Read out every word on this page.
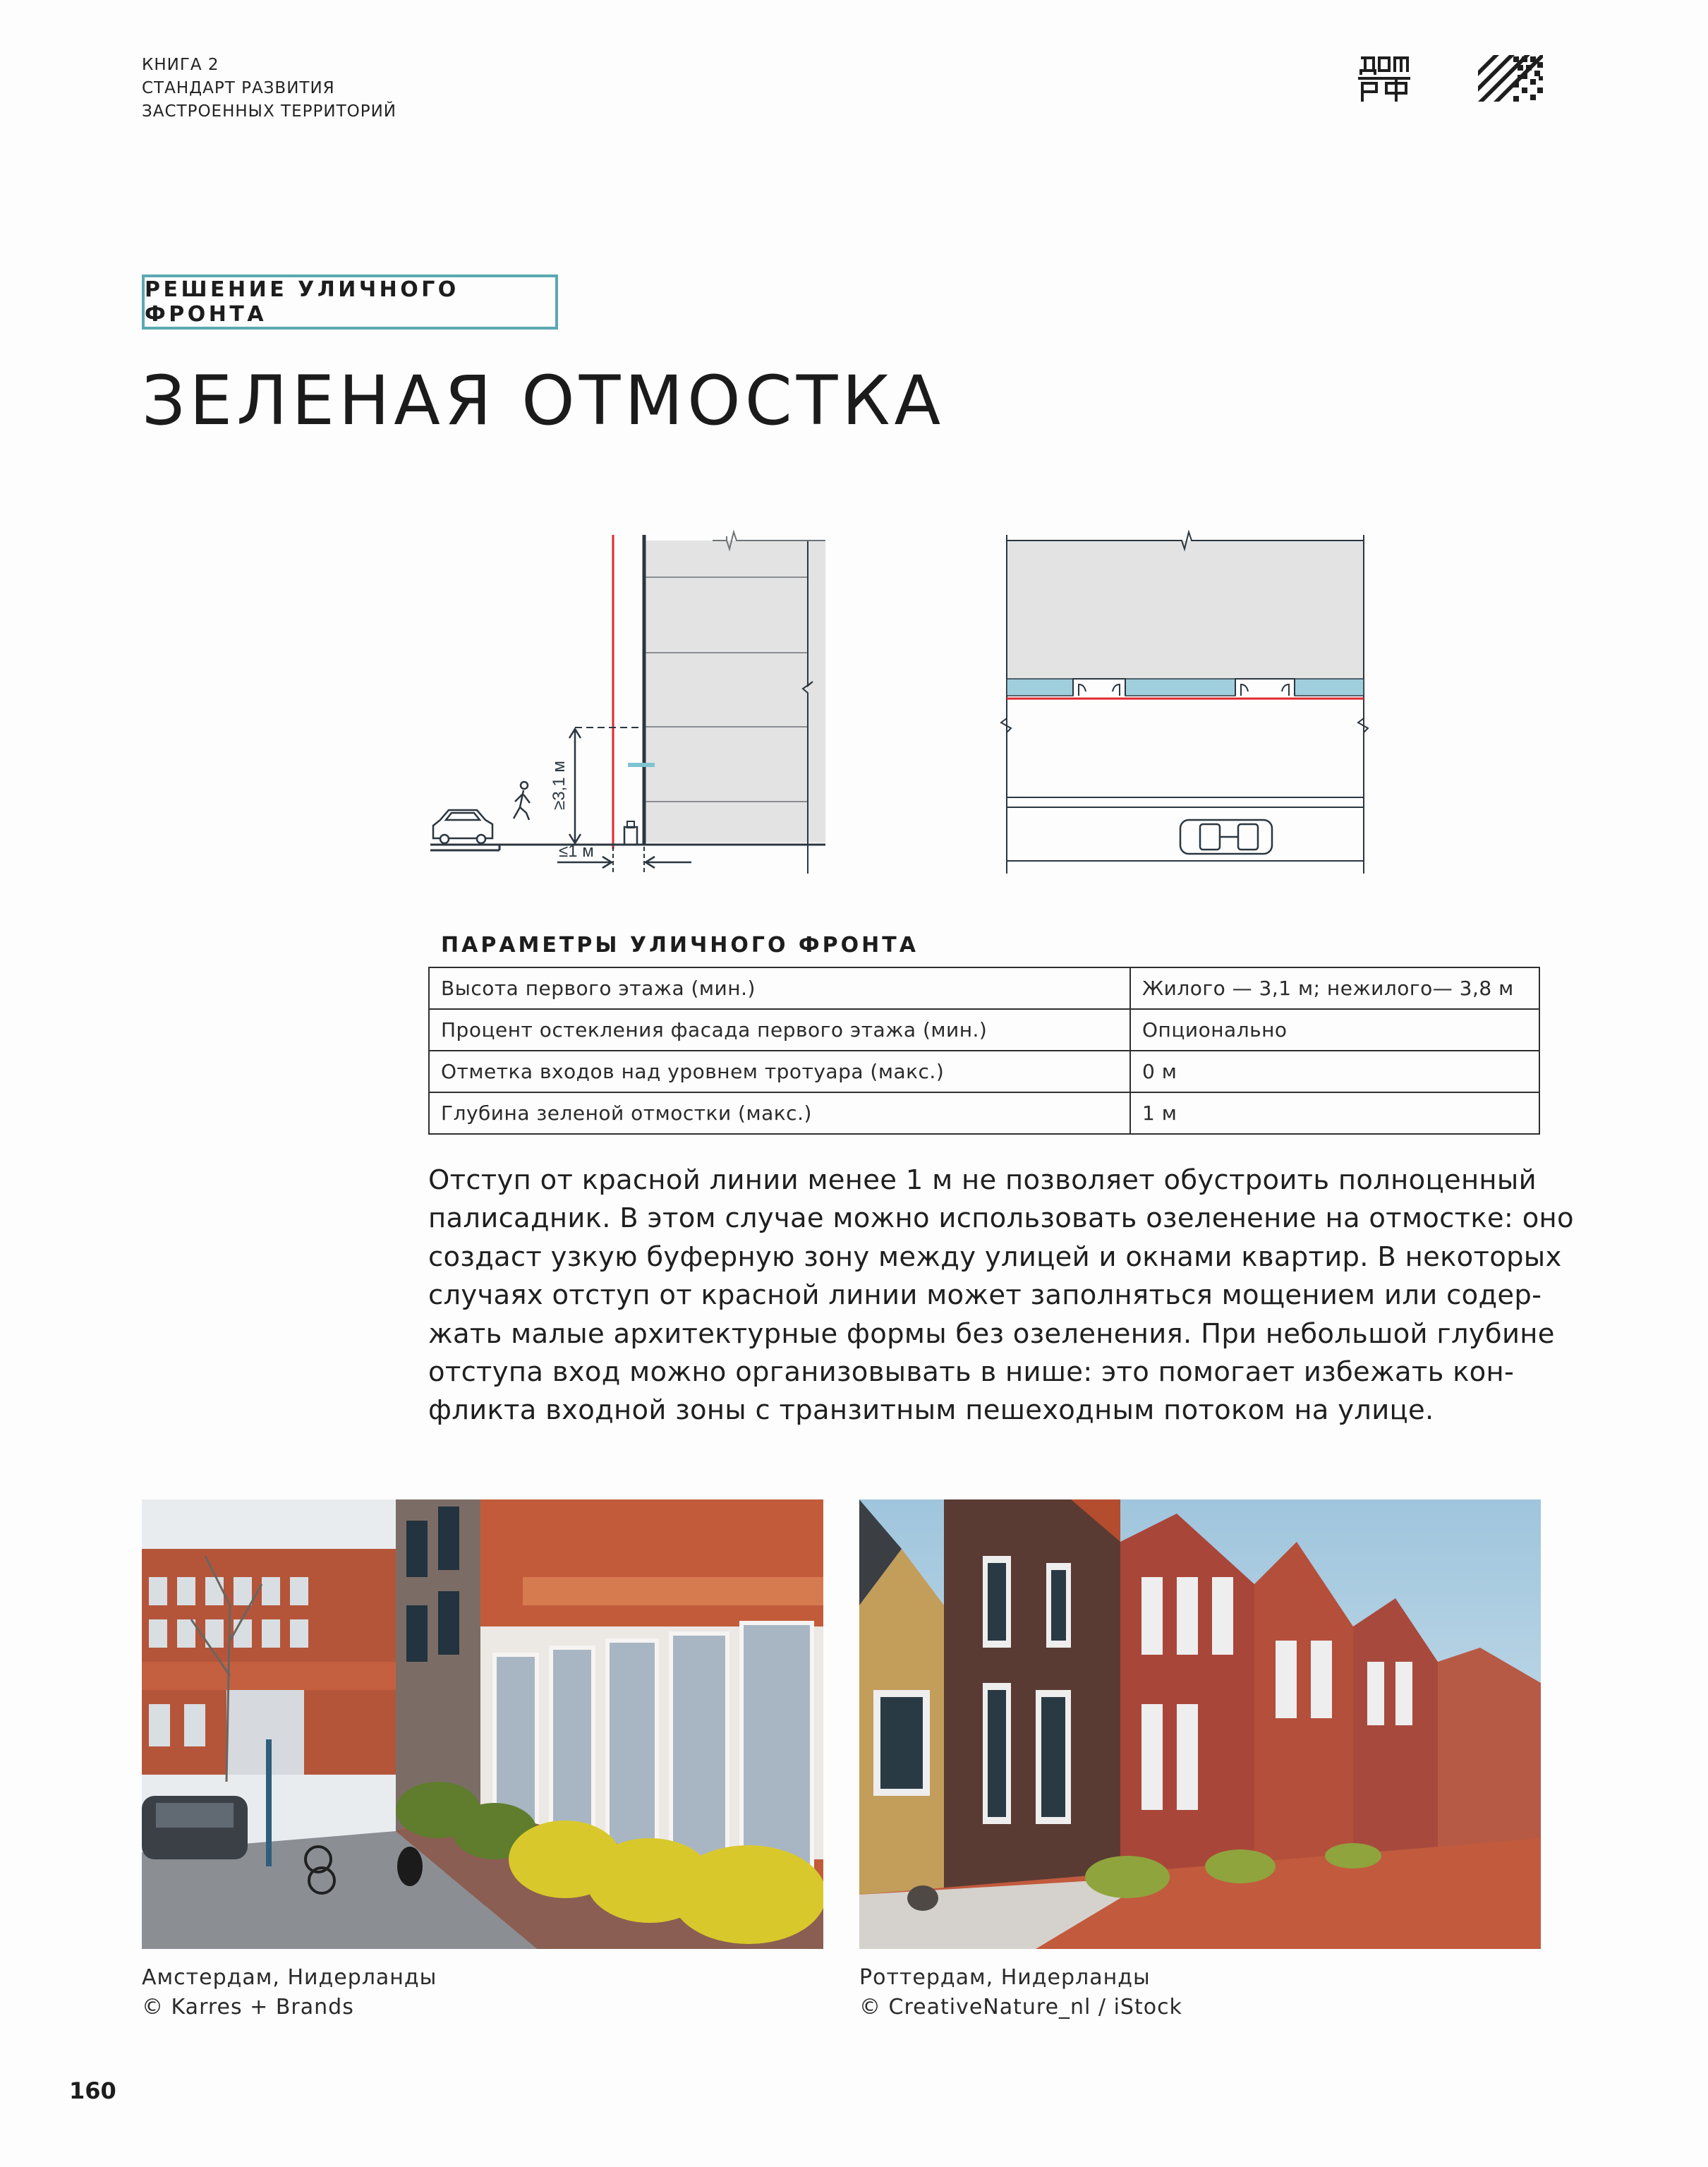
КНИГА 2
СТАНДАРТ РАЗВИТИЯ
ЗАСТРОЕННЫХ ТЕРРИТОРИЙ
РЕШЕНИЕ УЛИЧНОГО ФРОНТА
ЗЕЛЕНАЯ ОТМОСТКА
≥3,1 м
≤1 м
ПАРАМЕТРЫ УЛИЧНОГО ФРОНТА
Высота первого этажа (мин.)	Жилого — 3,1 м; нежилого— 3,8 м
Процент остекления фасада первого этажа (мин.)	Опционально
Отметка входов над уровнем тротуара (макс.)	0 м
Глубина зеленой отмостки (макс.)	1 м
Отступ от красной линии менее 1 м не позволяет обустроить полноценный
палисадник. В этом случае можно использовать озеленение на отмостке: оно
создаст узкую буферную зону между улицей и окнами квартир. В некоторых
случаях отступ от красной линии может заполняться мощением или содер-
жать малые архитектурные формы без озеленения. При небольшой глубине
отступа вход можно организовывать в нише: это помогает избежать кон-
фликта входной зоны с транзитным пешеходным потоком на улице.
Амстердам, Нидерланды
© Karres + Brands
Роттердам, Нидерланды
© CreativeNature_nl / iStock
160
